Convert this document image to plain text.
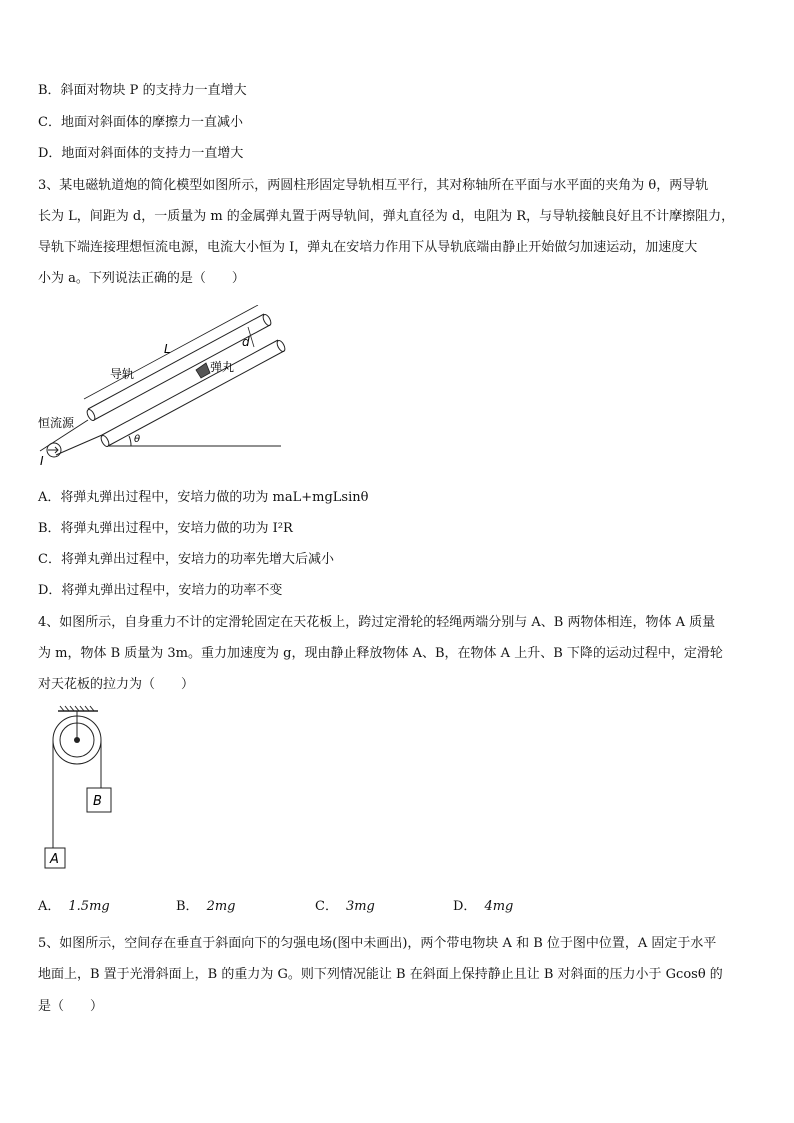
B．斜面对物块 P 的支持力一直增大
C．地面对斜面体的摩擦力一直减小
D．地面对斜面体的支持力一直增大
3、某电磁轨道炮的简化模型如图所示，两圆柱形固定导轨相互平行，其对称轴所在平面与水平面的夹角为 θ，两导轨
长为 L，间距为 d，一质量为 m 的金属弹丸置于两导轨间，弹丸直径为 d，电阻为 R，与导轨接触良好且不计摩擦阻力，
导轨下端连接理想恒流电源，电流大小恒为 I，弹丸在安培力作用下从导轨底端由静止开始做匀加速运动，加速度大
小为 a。下列说法正确的是（　　）
L	d
导轨	弹丸
恒流源
I
θ
A．将弹丸弹出过程中，安培力做的功为 maL+mgLsinθ
B．将弹丸弹出过程中，安培力做的功为 I²R
C．将弹丸弹出过程中，安培力的功率先增大后减小
D．将弹丸弹出过程中，安培力的功率不变
4、如图所示，自身重力不计的定滑轮固定在天花板上，跨过定滑轮的轻绳两端分别与 A、B 两物体相连，物体 A 质量
为 m，物体 B 质量为 3m。重力加速度为 g，现由静止释放物体 A、B，在物体 A 上升、B 下降的运动过程中，定滑轮
对天花板的拉力为（　　）
A
B
A． 1.5mg	B． 2mg	C． 3mg	D． 4mg
5、如图所示，空间存在垂直于斜面向下的匀强电场(图中未画出)，两个带电物块 A 和 B 位于图中位置，A 固定于水平
地面上，B 置于光滑斜面上，B 的重力为 G。则下列情况能让 B 在斜面上保持静止且让 B 对斜面的压力小于 Gcosθ 的
是（　　）
